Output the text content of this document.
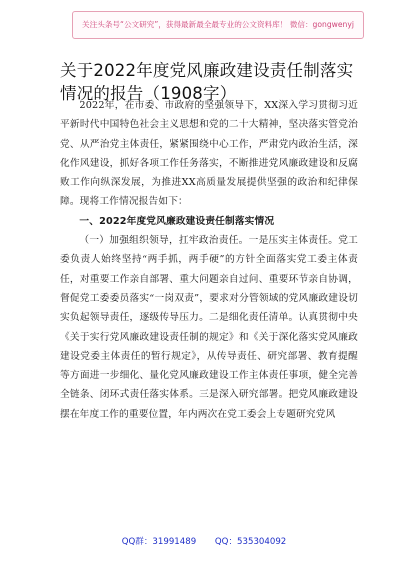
关注头条号“公文研究”，获得最新最全最专业的公文资料库！ 微信：gongwenyj
关于2022年度党风廉政建设责任制落实情况的报告（1908字）

2022年，在市委、市政府的坚强领导下，XX深入学习贯彻习近平新时代中国特色社会主义思想和党的二十大精神，坚决落实管党治党、从严治党主体责任，紧紧围绕中心工作，严肃党内政治生活，深化作风建设，抓好各项工作任务落实，不断推进党风廉政建设和反腐败工作向纵深发展，为推进XX高质量发展提供坚强的政治和纪律保障。现将工作情况报告如下：

一、2022年度党风廉政建设责任制落实情况

（一）加强组织领导，扛牢政治责任。一是压实主体责任。党工委负责人始终坚持“两手抓，两手硬”的方针全面落实党工委主体责任，对重要工作亲自部署、重大问题亲自过问、重要环节亲自协调，督促党工委委员落实“一岗双责”，要求对分管领域的党风廉政建设切实负起领导责任，逐级传导压力。二是细化责任清单。认真贯彻中央《关于实行党风廉政建设责任制的规定》和《关于深化落实党风廉政建设党委主体责任的暂行规定》，从传导责任、研究部署、教育提醒等方面进一步细化、量化党风廉政建设工作主体责任事项，健全完善全链条、闭环式责任落实体系。三是深入研究部署。把党风廉政建设摆在年度工作的重要位置，年内两次在党工委会上专题研究党风

QQ群：31991489 QQ：535304092
